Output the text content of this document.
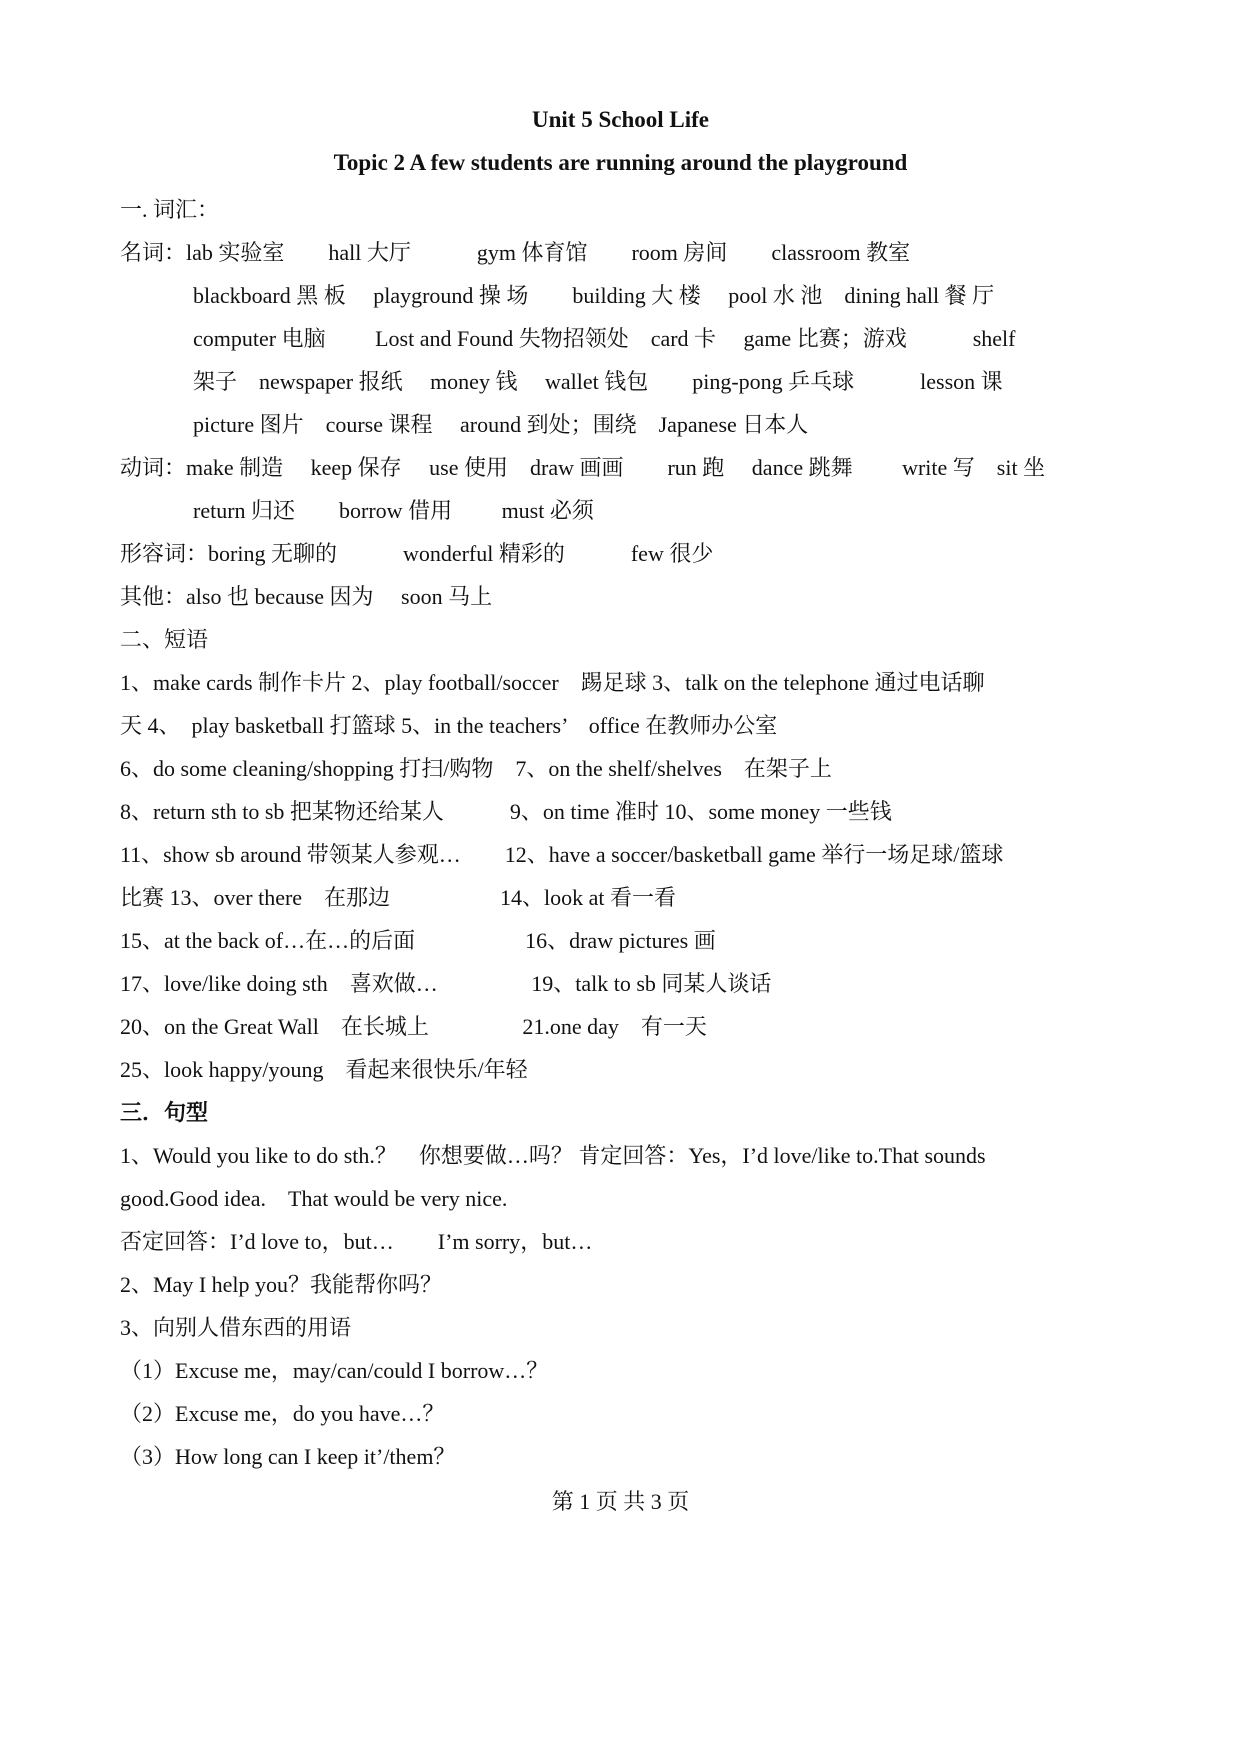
Unit 5 School Life
Topic 2 A few students are running around the playground
一. 词汇：
名词：lab 实验室　　hall 大厅　　　gym 体育馆　　room 房间　　classroom 教室
blackboard 黑 板　 playground 操 场　　building 大 楼　 pool 水 池　dining hall 餐 厅
computer 电脑　　 Lost and Found 失物招领处　card 卡　 game 比赛；游戏　　　shelf
架子　newspaper 报纸　 money 钱　 wallet 钱包　　ping-pong 乒乓球　　　lesson 课
picture 图片　course 课程　 around 到处；围绕　Japanese 日本人
动词：make 制造　 keep 保存　 use 使用　draw 画画　　run 跑　 dance 跳舞　　 write 写　sit 坐
return 归还　　borrow 借用　　 must 必须
形容词：boring 无聊的　　　wonderful 精彩的　　　few 很少
其他：also 也 because 因为　 soon 马上
二、短语
1、make cards 制作卡片 2、play football/soccer　踢足球 3、talk on the telephone 通过电话聊
天 4、　play basketball 打篮球 5、in the teachers’　office 在教师办公室
6、do some cleaning/shopping 打扫/购物　7、on the shelf/shelves　在架子上
8、return sth to sb 把某物还给某人　　　9、on time 准时 10、some money 一些钱
11、show sb around 带领某人参观…　　12、have a soccer/basketball game 举行一场足球/篮球
比赛 13、over there　在那边　　　　　14、look at 看一看
15、at the back of…在…的后面　　　　　16、draw pictures 画
17、love/like doing sth　喜欢做…　　　　 19、talk to sb 同某人谈话
20、on the Great Wall　在长城上　　　　 21.one day　有一天
25、look happy/young　看起来很快乐/年轻
三．句型
1、Would you like to do sth.？　你想要做…吗？ 肯定回答：Yes，I’d love/like to.That sounds
good.Good idea.　That would be very nice.
否定回答：I’d love to，but…　　I’m sorry，but…
2、May I help you？我能帮你吗？
3、向别人借东西的用语
（1）Excuse me，may/can/could I borrow…？
（2）Excuse me，do you have…？
（3）How long can I keep it’/them？
第 1 页 共 3 页
